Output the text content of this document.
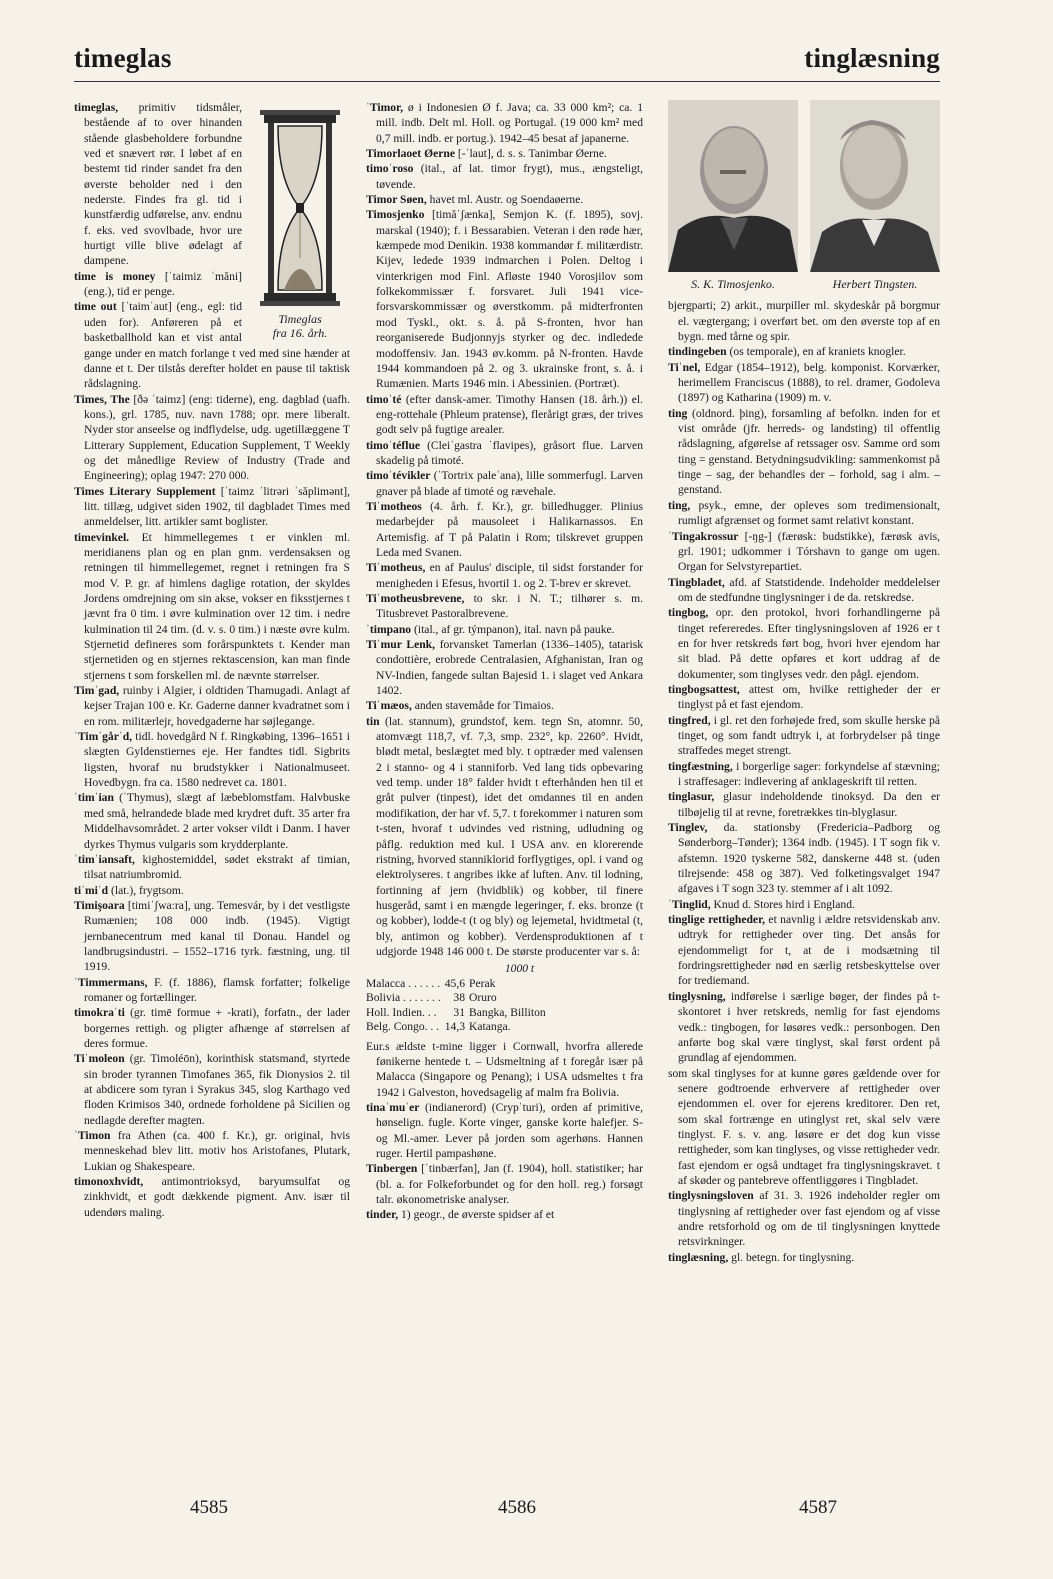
timeglas	tinglæsning
Timeglas
fra 16. årh.
timeglas, primitiv tidsmåler, bestående af to over hinanden stående glasbeholdere forbundne ved et snævert rør. I løbet af en bestemt tid rinder sandet fra den øverste beholder ned i den nederste. Findes fra gl. tid i kunstfærdig udførelse, anv. endnu f. eks. ved svovlbade, hvor ure hurtigt ville blive ødelagt af dampene.
time is money [ˈtaimiz ˈmăni] (eng.), tid er penge.
time out [ˈtaimˈaut] (eng., egl: tid uden for). Anføreren på et basketballhold kan et vist antal gange under en match forlange t ved med sine hænder at danne et t. Der tilstås derefter holdet en pause til taktisk rådslagning.
Times, The [ðə ˈtaimz] (eng: tiderne), eng. dagblad (uafh. kons.), grl. 1785, nuv. navn 1788; opr. mere liberalt. Nyder stor anseelse og indflydelse, udg. ugetillæggene T Litterary Supplement, Education Supplement, T Weekly og det månedlige Review of Industry (Trade and Engineering); oplag 1947: 270 000.
Times Literary Supplement [ˈtaimz ˈlitrəri ˈsăplimənt], litt. tillæg, udgivet siden 1902, til dagbladet Times med anmeldelser, litt. artikler samt boglister.
timevinkel. Et himmellegemes t er vinklen ml. meridianens plan og en plan gnm. verdensaksen og retningen til himmellegemet, regnet i retningen fra S mod V. P. gr. af himlens daglige rotation, der skyldes Jordens omdrejning om sin akse, vokser en fiksstjernes t jævnt fra 0 tim. i øvre kulmination over 12 tim. i nedre kulmination til 24 tim. (d. v. s. 0 tim.) i næste øvre kulm. Stjernetid defineres som forårspunktets t. Kender man stjernetiden og en stjernes rektascension, kan man finde stjernens t som forskellen ml. de nævnte størrelser.
Timˈgad, ruinby i Algier, i oldtiden Thamugadi. Anlagt af kejser Trajan 100 e. Kr. Gaderne danner kvadratnet som i en rom. militærlejr, hovedgaderne har søjlegange.
ˈTimˈgårˈd, tidl. hovedgård N f. Ringkøbing, 1396–1651 i slægten Gyldenstiernes eje. Her fandtes tidl. Sigbrits ligsten, hvoraf nu brudstykker i Nationalmuseet. Hovedbygn. fra ca. 1580 nedrevet ca. 1801.
ˈtimˈian (ˈThymus), slægt af læbeblomstfam. Halvbuske med små, helrandede blade med krydret duft. 35 arter fra Middelhavsområdet. 2 arter vokser vildt i Danm. I haver dyrkes Thymus vulgaris som krydderplante.
ˈtimˈiansaft, kighostemiddel, sødet ekstrakt af timian, tilsat natriumbromid.
tiˈmiˈd (lat.), frygtsom.
Timişoara [timiˈʃwa:ra], ung. Temesvár, by i det vestligste Rumænien; 108 000 indb. (1945). Vigtigt jernbanecentrum med kanal til Donau. Handel og landbrugsindustri. – 1552–1716 tyrk. fæstning, ung. til 1919.
ˈTimmermans, F. (f. 1886), flamsk forfatter; folkelige romaner og fortællinger.
timokraˈti (gr. timē formue + -krati), forfatn., der lader borgernes rettigh. og pligter afhænge af størrelsen af deres formue.
Tiˈmoleon (gr. Timoléōn), korinthisk statsmand, styrtede sin broder tyrannen Timofanes 365, fik Dionysios 2. til at abdicere som tyran i Syrakus 345, slog Karthago ved floden Krimisos 340, ordnede forholdene på Sicilien og nedlagde derefter magten.
ˈTimon fra Athen (ca. 400 f. Kr.), gr. original, hvis menneskehad blev litt. motiv hos Aristofanes, Plutark, Lukian og Shakespeare.
timonoxhvidt, antimontrioksyd, baryumsulfat og zinkhvidt, et godt dækkende pigment. Anv. især til udendørs maling.
ˈTimor, ø i Indonesien Ø f. Java; ca. 33 000 km²; ca. 1 mill. indb. Delt ml. Holl. og Portugal. (19 000 km² med 0,7 mill. indb. er portug.). 1942–45 besat af japanerne.
Timorlaoet Øerne [-ˈlaut], d. s. s. Tanimbar Øerne.
timoˈroso (ital., af lat. timor frygt), mus., ængsteligt, tøvende.
Timor Søen, havet ml. Austr. og Soendaøerne.
Timosjenko [timăˈʃænka], Semjon K. (f. 1895), sovj. marskal (1940); f. i Bessarabien. Veteran i den røde hær, kæmpede mod Denikin. 1938 kommandør f. militærdistr. Kijev, ledede 1939 indmarchen i Polen. Deltog i vinterkrigen mod Finl. Afløste 1940 Vorosjilov som folkekommissær f. forsvaret. Juli 1941 vice-forsvarskommissær og øverstkomm. på midterfronten mod Tyskl., okt. s. å. på S-fronten, hvor han reorganiserede Budjonnyjs styrker og dec. indledede modoffensiv. Jan. 1943 øv.komm. på N-fronten. Havde 1944 kommandoen på 2. og 3. ukrainske front, s. å. i Rumænien. Marts 1946 min. i Abessinien. (Portræt).
timoˈté (efter dansk-amer. Timothy Hansen (18. årh.)) el. eng-rottehale (Phleum pratense), flerårigt græs, der trives godt selv på fugtige arealer.
timoˈtéflue (Cleiˈgastra ˈflavipes), gråsort flue. Larven skadelig på timoté.
timoˈtévikler (ˈTortrix paleˈana), lille sommerfugl. Larven gnaver på blade af timoté og rævehale.
Tiˈmotheos (4. årh. f. Kr.), gr. billedhugger. Plinius medarbejder på mausoleet i Halikarnassos. En Artemisfig. af T på Palatin i Rom; tilskrevet gruppen Leda med Svanen.
Tiˈmotheus, en af Paulus' disciple, til sidst forstander for menigheden i Efesus, hvortil 1. og 2. T-brev er skrevet.
Tiˈmotheusbrevene, to skr. i N. T.; tilhører s. m. Titusbrevet Pastoralbrevene.
ˈtimpano (ital., af gr. týmpanon), ital. navn på pauke.
Tiˈmur Lenk, forvansket Tamerlan (1336–1405), tatarisk condottière, erobrede Centralasien, Afghanistan, Iran og NV-Indien, fangede sultan Bajesid 1. i slaget ved Ankara 1402.
Tiˈmæos, anden stavemåde for Timaios.
tin (lat. stannum), grundstof, kem. tegn Sn, atomnr. 50, atomvægt 118,7, vf. 7,3, smp. 232°, kp. 2260°. Hvidt, blødt metal, beslægtet med bly. t optræder med valensen 2 i stanno- og 4 i stanniforb. Ved lang tids opbevaring ved temp. under 18° falder hvidt t efterhånden hen til et gråt pulver (tinpest), idet det omdannes til en anden modifikation, der har vf. 5,7. t forekommer i naturen som t-sten, hvoraf t udvindes ved ristning, udludning og påflg. reduktion med kul. I USA anv. en klorerende ristning, hvorved stanniklorid forflygtiges, opl. i vand og elektrolyseres. t angribes ikke af luften. Anv. til lodning, fortinning af jern (hvidblik) og kobber, til finere husgeråd, samt i en mængde legeringer, f. eks. bronze (t og kobber), lodde-t (t og bly) og lejemetal, hvidtmetal (t, bly, antimon og kobber). Verdensproduktionen af t udgjorde 1948 146 000 t. De største producenter var s. å:
1000 t
Malacca . . . . . .	45,6	Perak
Bolivia . . . . . . .	38	Oruro
Holl. Indien. . .	31	Bangka, Billiton
Belg. Congo. . .	14,3	Katanga.
Eur.s ældste t-mine ligger i Cornwall, hvorfra allerede fønikerne hentede t. – Udsmeltning af t foregår især på Malacca (Singapore og Penang); i USA udsmeltes t fra 1942 i Galveston, hovedsagelig af malm fra Bolivia.
tinaˈmuˈer (indianerord) (Crypˈturi), orden af primitive, hønselign. fugle. Korte vinger, ganske korte halefjer. S- og Ml.-amer. Lever på jorden som agerhøns. Hannen ruger. Hertil pampashøne.
Tinbergen [ˈtinbærfən], Jan (f. 1904), holl. statistiker; har (bl. a. for Folkeforbundet og for den holl. reg.) forsøgt talr. økonometriske analyser.
tinder, 1) geogr., de øverste spidser af et
S. K. Timosjenko.	Herbert Tingsten.
bjergparti; 2) arkit., murpiller ml. skydeskår på borgmur el. vægtergang; i overført bet. om den øverste top af en bygn. med tårne og spir.
tindingeben (os temporale), en af kraniets knogler.
Tiˈnel, Edgar (1854–1912), belg. komponist. Korværker, herimellem Franciscus (1888), to rel. dramer, Godoleva (1897) og Katharina (1909) m. v.
ting (oldnord. þing), forsamling af befolkn. inden for et vist område (jfr. herreds- og landsting) til offentlig rådslagning, afgørelse af retssager osv. Samme ord som ting = genstand. Betydningsudvikling: sammenkomst på tinge – sag, der behandles der – forhold, sag i alm. – genstand.
ting, psyk., emne, der opleves som tredimensionalt, rumligt afgrænset og formet samt relativt konstant.
ˈTingakrossur [-ŋg-] (færøsk: budstikke), færøsk avis, grl. 1901; udkommer i Tórshavn to gange om ugen. Organ for Selvstyrepartiet.
Tingbladet, afd. af Statstidende. Indeholder meddelelser om de stedfundne tinglysninger i de da. retskredse.
tingbog, opr. den protokol, hvori forhandlingerne på tinget refereredes. Efter tinglysningsloven af 1926 er t en for hver retskreds ført bog, hvori hver ejendom har sit blad. På dette opføres et kort uddrag af de dokumenter, som tinglyses vedr. den pågl. ejendom.
tingbogsattest, attest om, hvilke rettigheder der er tinglyst på et fast ejendom.
tingfred, i gl. ret den forhøjede fred, som skulle herske på tinget, og som fandt udtryk i, at forbrydelser på tinge straffedes meget strengt.
tingfæstning, i borgerlige sager: forkyndelse af stævning; i straffesager: indlevering af anklageskrift til retten.
tinglasur, glasur indeholdende tinoksyd. Da den er tilbøjelig til at revne, foretrækkes tin-blyglasur.
Tinglev, da. stationsby (Fredericia–Padborg og Sønderborg–Tønder); 1364 indb. (1945). I T sogn fik v. afstemn. 1920 tyskerne 582, danskerne 448 st. (uden tilrejsende: 458 og 387). Ved folketingsvalget 1947 afgaves i T sogn 323 ty. stemmer af i alt 1092.
ˈTinglid, Knud d. Stores hird i England.
tinglige rettigheder, et navnlig i ældre retsvidenskab anv. udtryk for rettigheder over ting. Det ansås for ejendommeligt for t, at de i modsætning til fordringsrettigheder nød en særlig retsbeskyttelse over for trediemand.
tinglysning, indførelse i særlige bøger, der findes på t-skontoret i hver retskreds, nemlig for fast ejendoms vedk.: tingbogen, for løsøres vedk.: personbogen. Den anførte bog skal være tinglyst, skal først ordent på grundlag af ejendommen.
som skal tinglyses for at kunne gøres gældende over for senere godtroende erhververe af rettigheder over ejendommen el. over for ejerens kreditorer. Den ret, som skal fortrænge en utinglyst ret, skal selv være tinglyst. F. s. v. ang. løsøre er det dog kun visse rettigheder, som kan tinglyses, og visse rettigheder vedr. fast ejendom er også undtaget fra tinglysningskravet. t af skøder og pantebreve offentliggøres i Tingbladet.
tinglysningsloven af 31. 3. 1926 indeholder regler om tinglysning af rettigheder over fast ejendom og af visse andre retsforhold og om de til tinglysningen knyttede retsvirkninger.
tinglæsning, gl. betegn. for tinglysning.
4585	4586	4587
